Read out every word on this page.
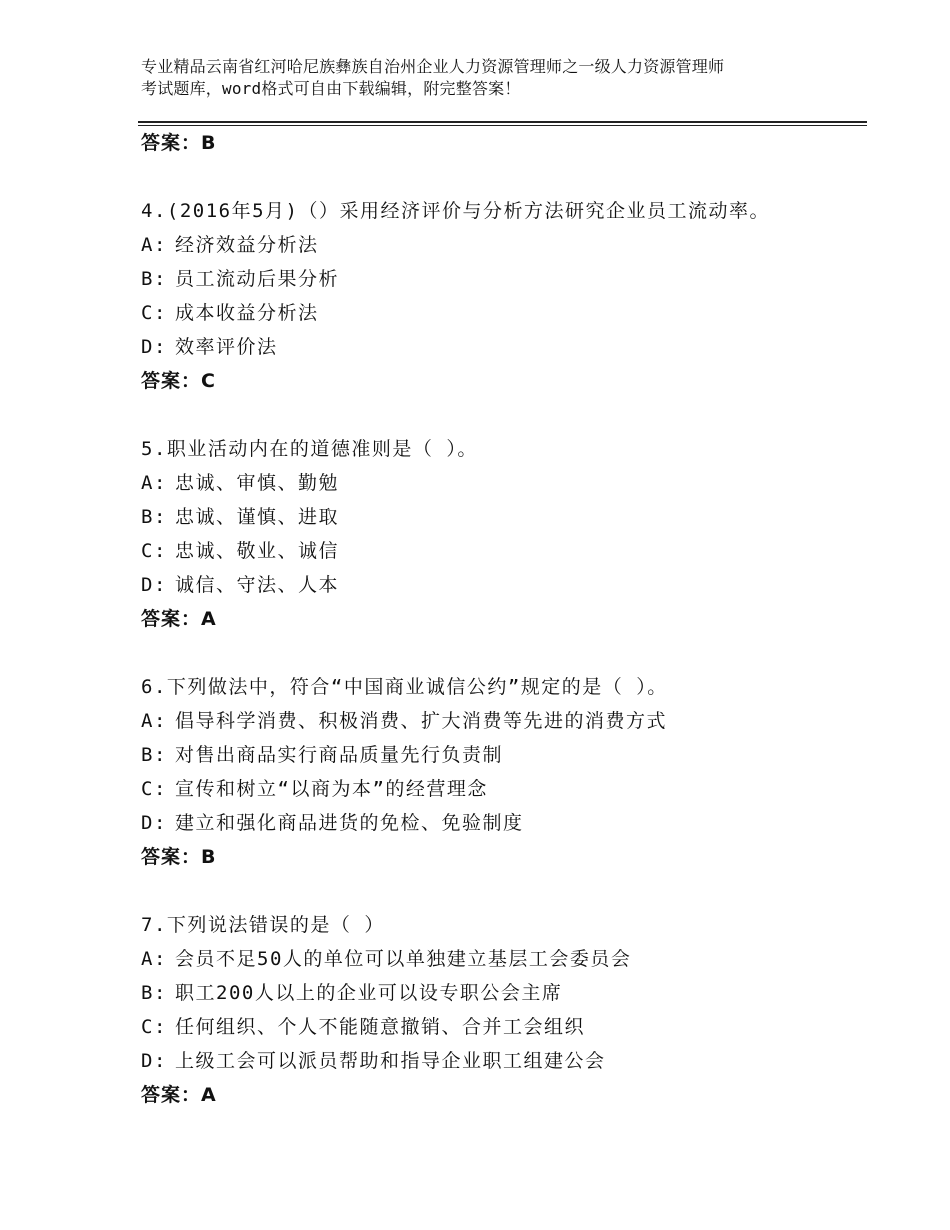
专业精品云南省红河哈尼族彝族自治州企业人力资源管理师之一级人力资源管理师
考试题库，word格式可自由下载编辑，附完整答案！
答案：B
4.(2016年5月)（）采用经济评价与分析方法研究企业员工流动率。
A: 经济效益分析法
B: 员工流动后果分析
C: 成本收益分析法
D: 效率评价法
答案：C
5.职业活动内在的道德准则是（ ）。
A: 忠诚、审慎、勤勉
B: 忠诚、谨慎、进取
C: 忠诚、敬业、诚信
D: 诚信、守法、人本
答案：A
6.下列做法中，符合“中国商业诚信公约”规定的是（ ）。
A: 倡导科学消费、积极消费、扩大消费等先进的消费方式
B: 对售出商品实行商品质量先行负责制
C: 宣传和树立“以商为本”的经营理念
D: 建立和强化商品进货的免检、免验制度
答案：B
7.下列说法错误的是（ ）
A: 会员不足50人的单位可以单独建立基层工会委员会
B: 职工200人以上的企业可以设专职公会主席
C: 任何组织、个人不能随意撤销、合并工会组织
D: 上级工会可以派员帮助和指导企业职工组建公会
答案：A
